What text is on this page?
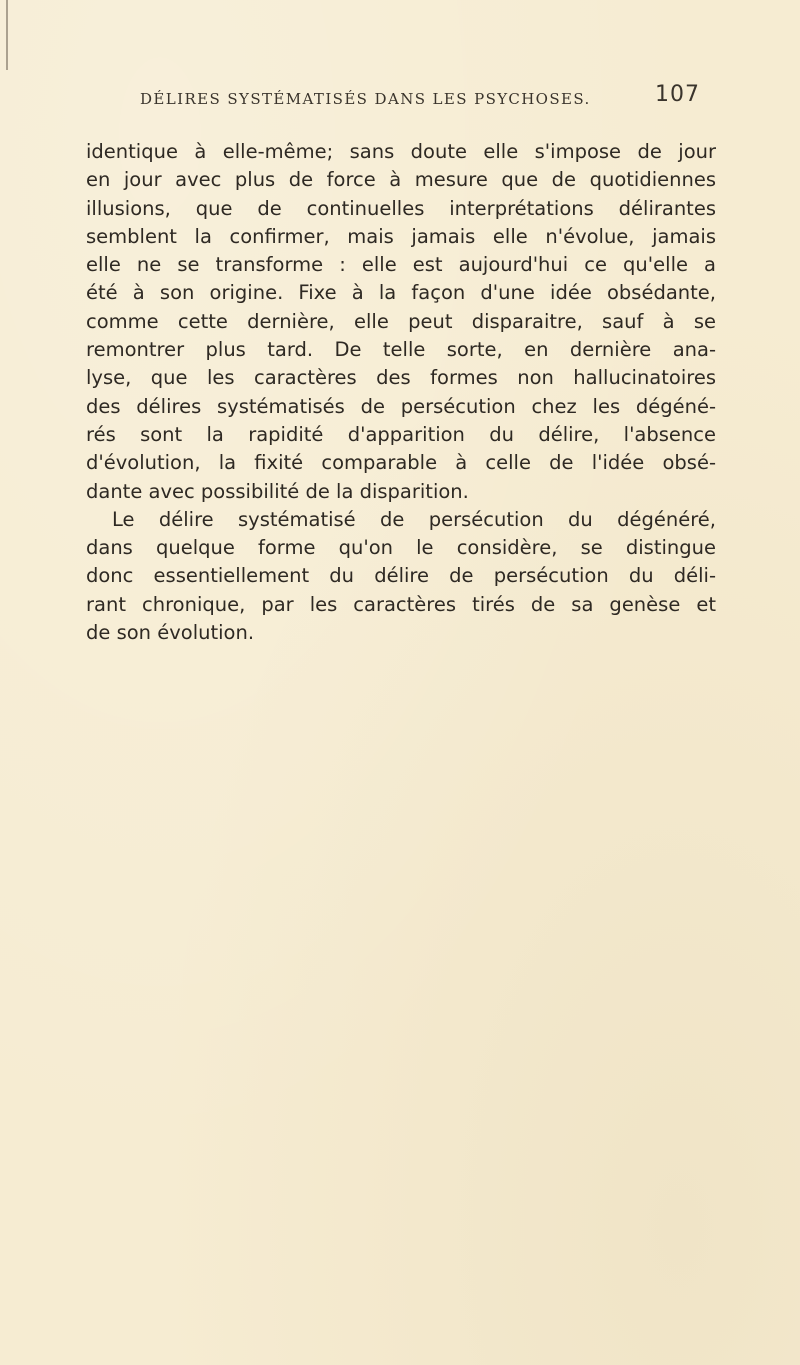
DÉLIRES SYSTÉMATISÉS DANS LES PSYCHOSES.	107
identique à elle-même; sans doute elle s'impose de jour
en jour avec plus de force à mesure que de quotidiennes
illusions, que de continuelles interprétations délirantes
semblent la confirmer, mais jamais elle n'évolue, jamais
elle ne se transforme : elle est aujourd'hui ce qu'elle a
été à son origine. Fixe à la façon d'une idée obsédante,
comme cette dernière, elle peut disparaitre, sauf à se
remontrer plus tard. De telle sorte, en dernière ana-
lyse, que les caractères des formes non hallucinatoires
des délires systématisés de persécution chez les dégéné-
rés sont la rapidité d'apparition du délire, l'absence
d'évolution, la fixité comparable à celle de l'idée obsé-
dante avec possibilité de la disparition.
Le délire systématisé de persécution du dégénéré,
dans quelque forme qu'on le considère, se distingue
donc essentiellement du délire de persécution du déli-
rant chronique, par les caractères tirés de sa genèse et
de son évolution.
